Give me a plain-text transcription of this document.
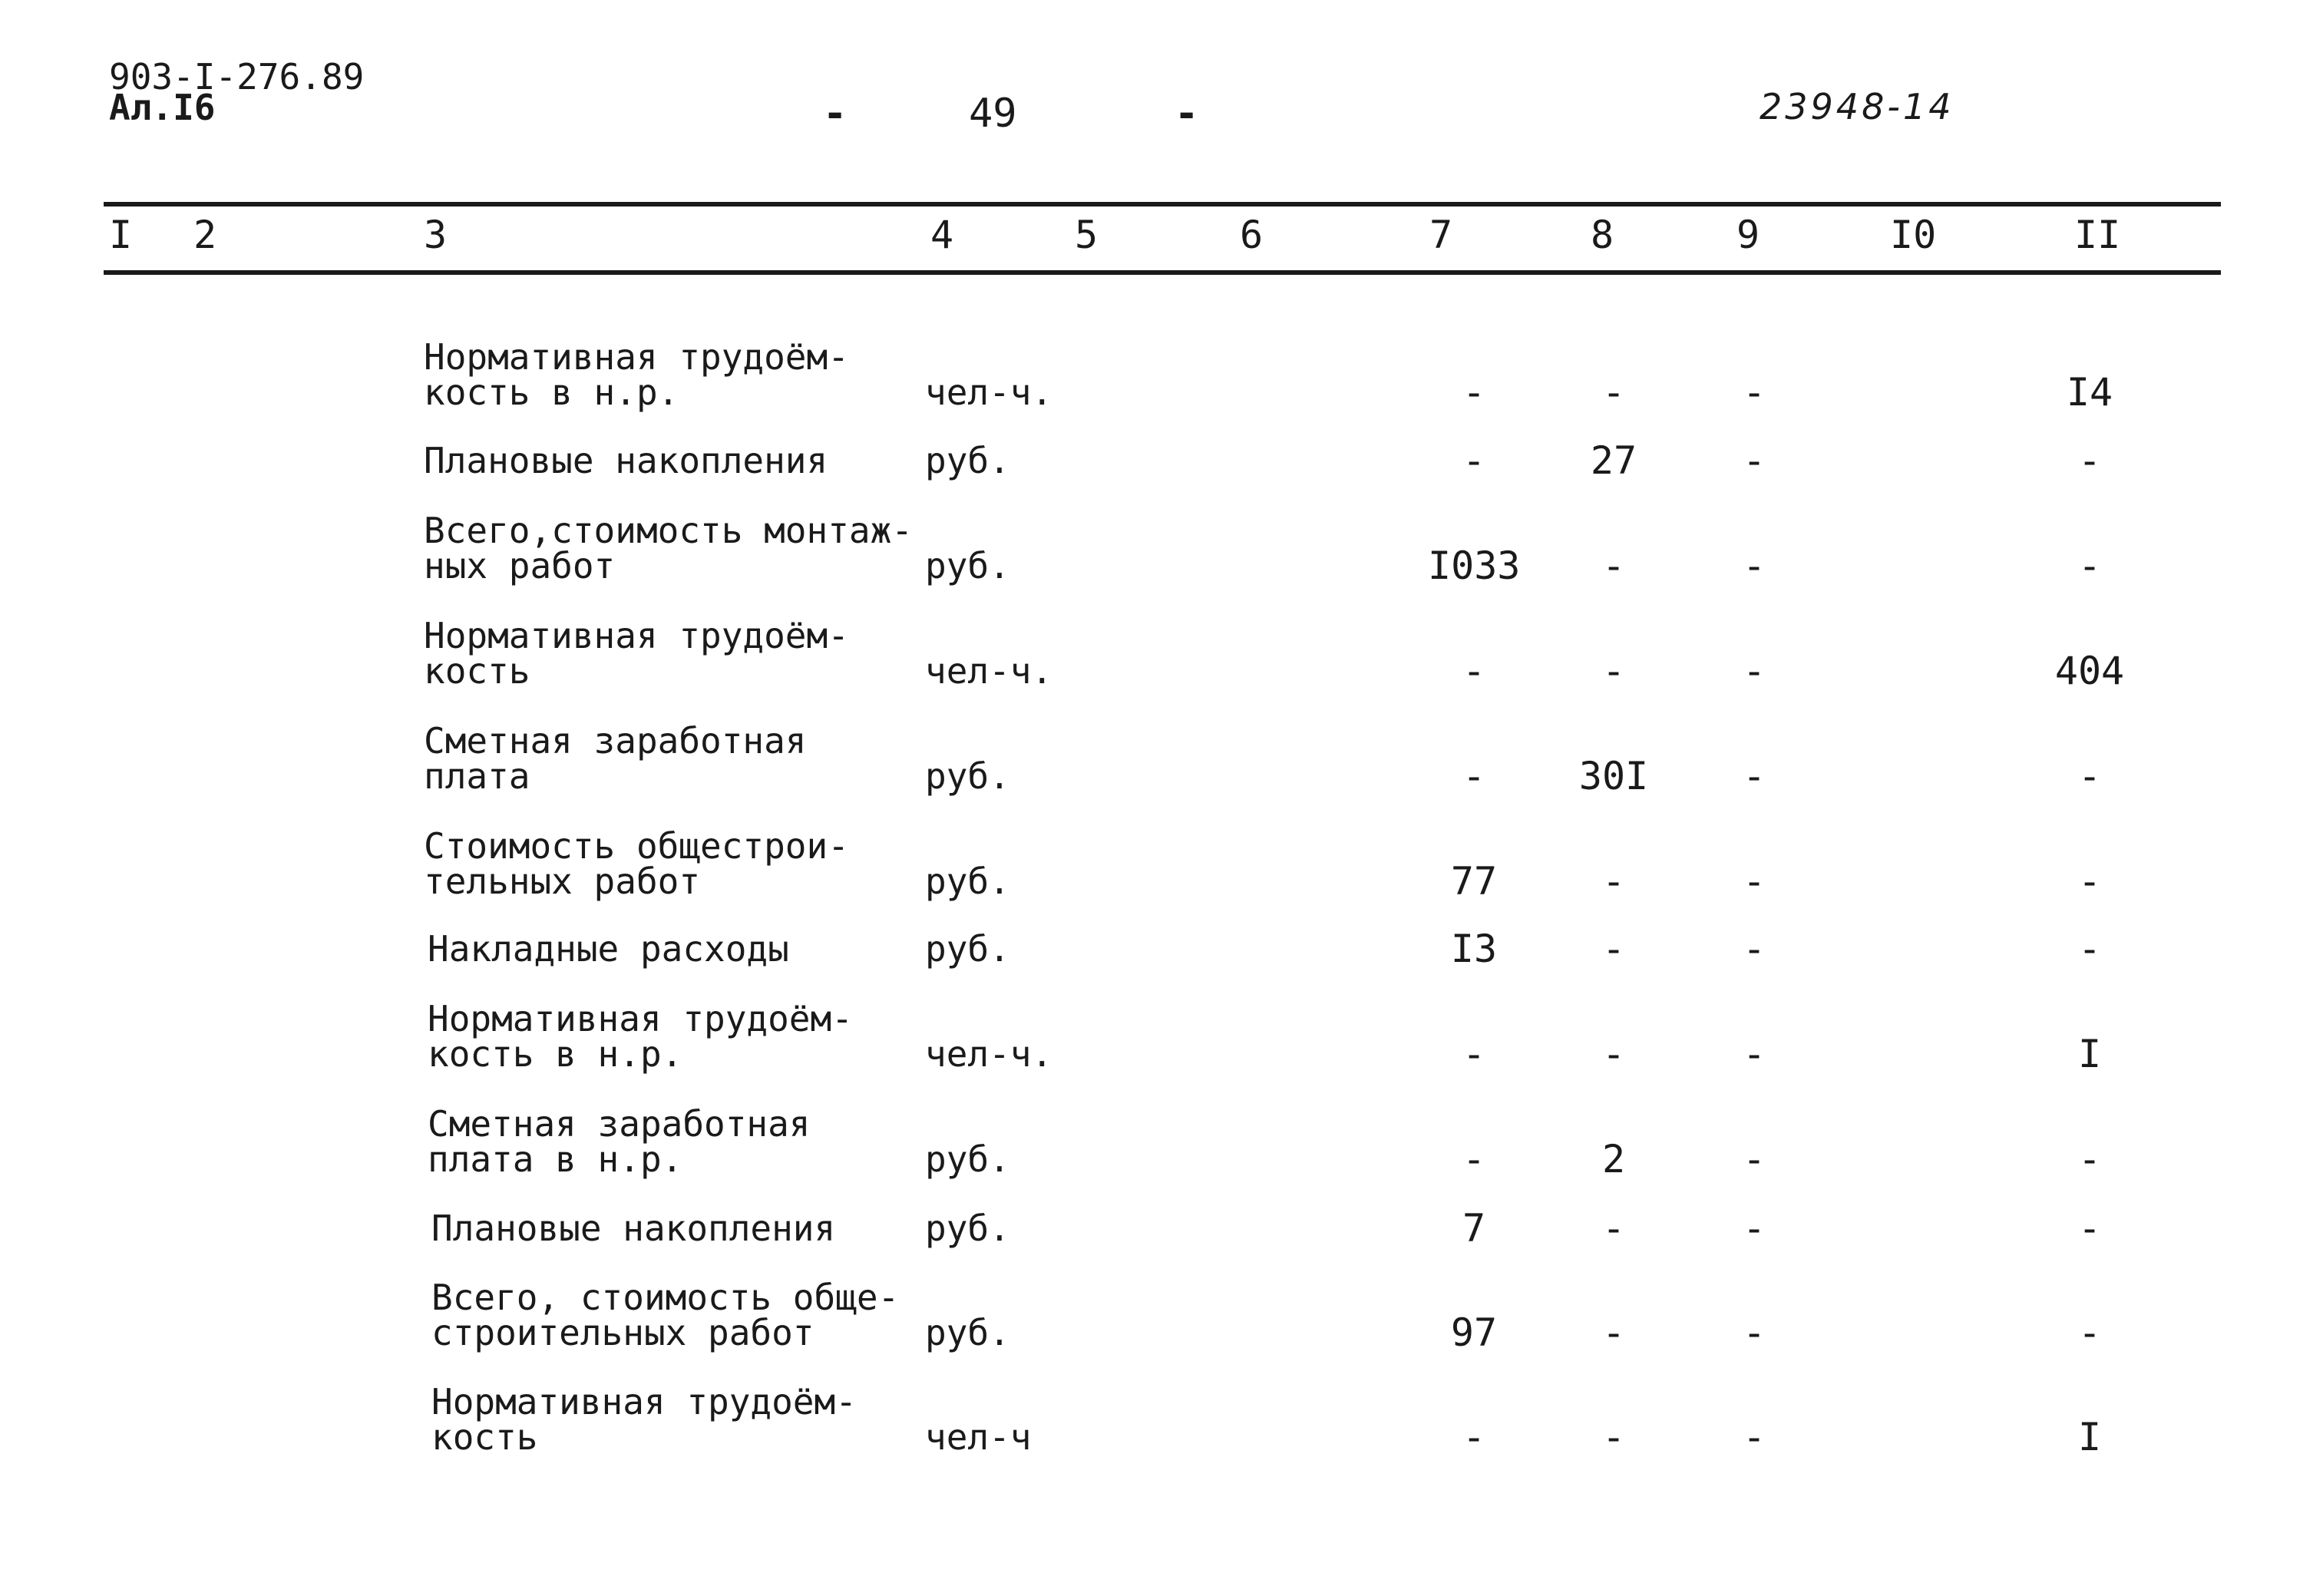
903-I-276.89
Ал.I6	-	49	-	23948-14
I 2	3	4	5	6	7	8	9	I0	II
Нормативная трудоём-
кость в н.р.	чел-ч.	-	-	-	I4
Плановые накопления	руб.	-	27	-	-
Всего,стоимость монтаж-
ных работ	руб.	I033	-	-	-
Нормативная трудоём-
кость	чел-ч.	-	-	-	404
Сметная заработная
плата	руб.	-	30I	-	-
Стоимость общестрои-
тельных работ	руб.	77	-	-	-
Накладные расходы	руб.	I3	-	-	-
Нормативная трудоём-
кость в н.р.	чел-ч.	-	-	-	I
Сметная заработная
плата в н.р.	руб.	-	2	-	-
Плановые накопления	руб.	7	-	-	-
Всего, стоимость обще-
строительных работ	руб.	97	-	-	-
Нормативная трудоём-
кость	чел-ч	-	-	-	I
